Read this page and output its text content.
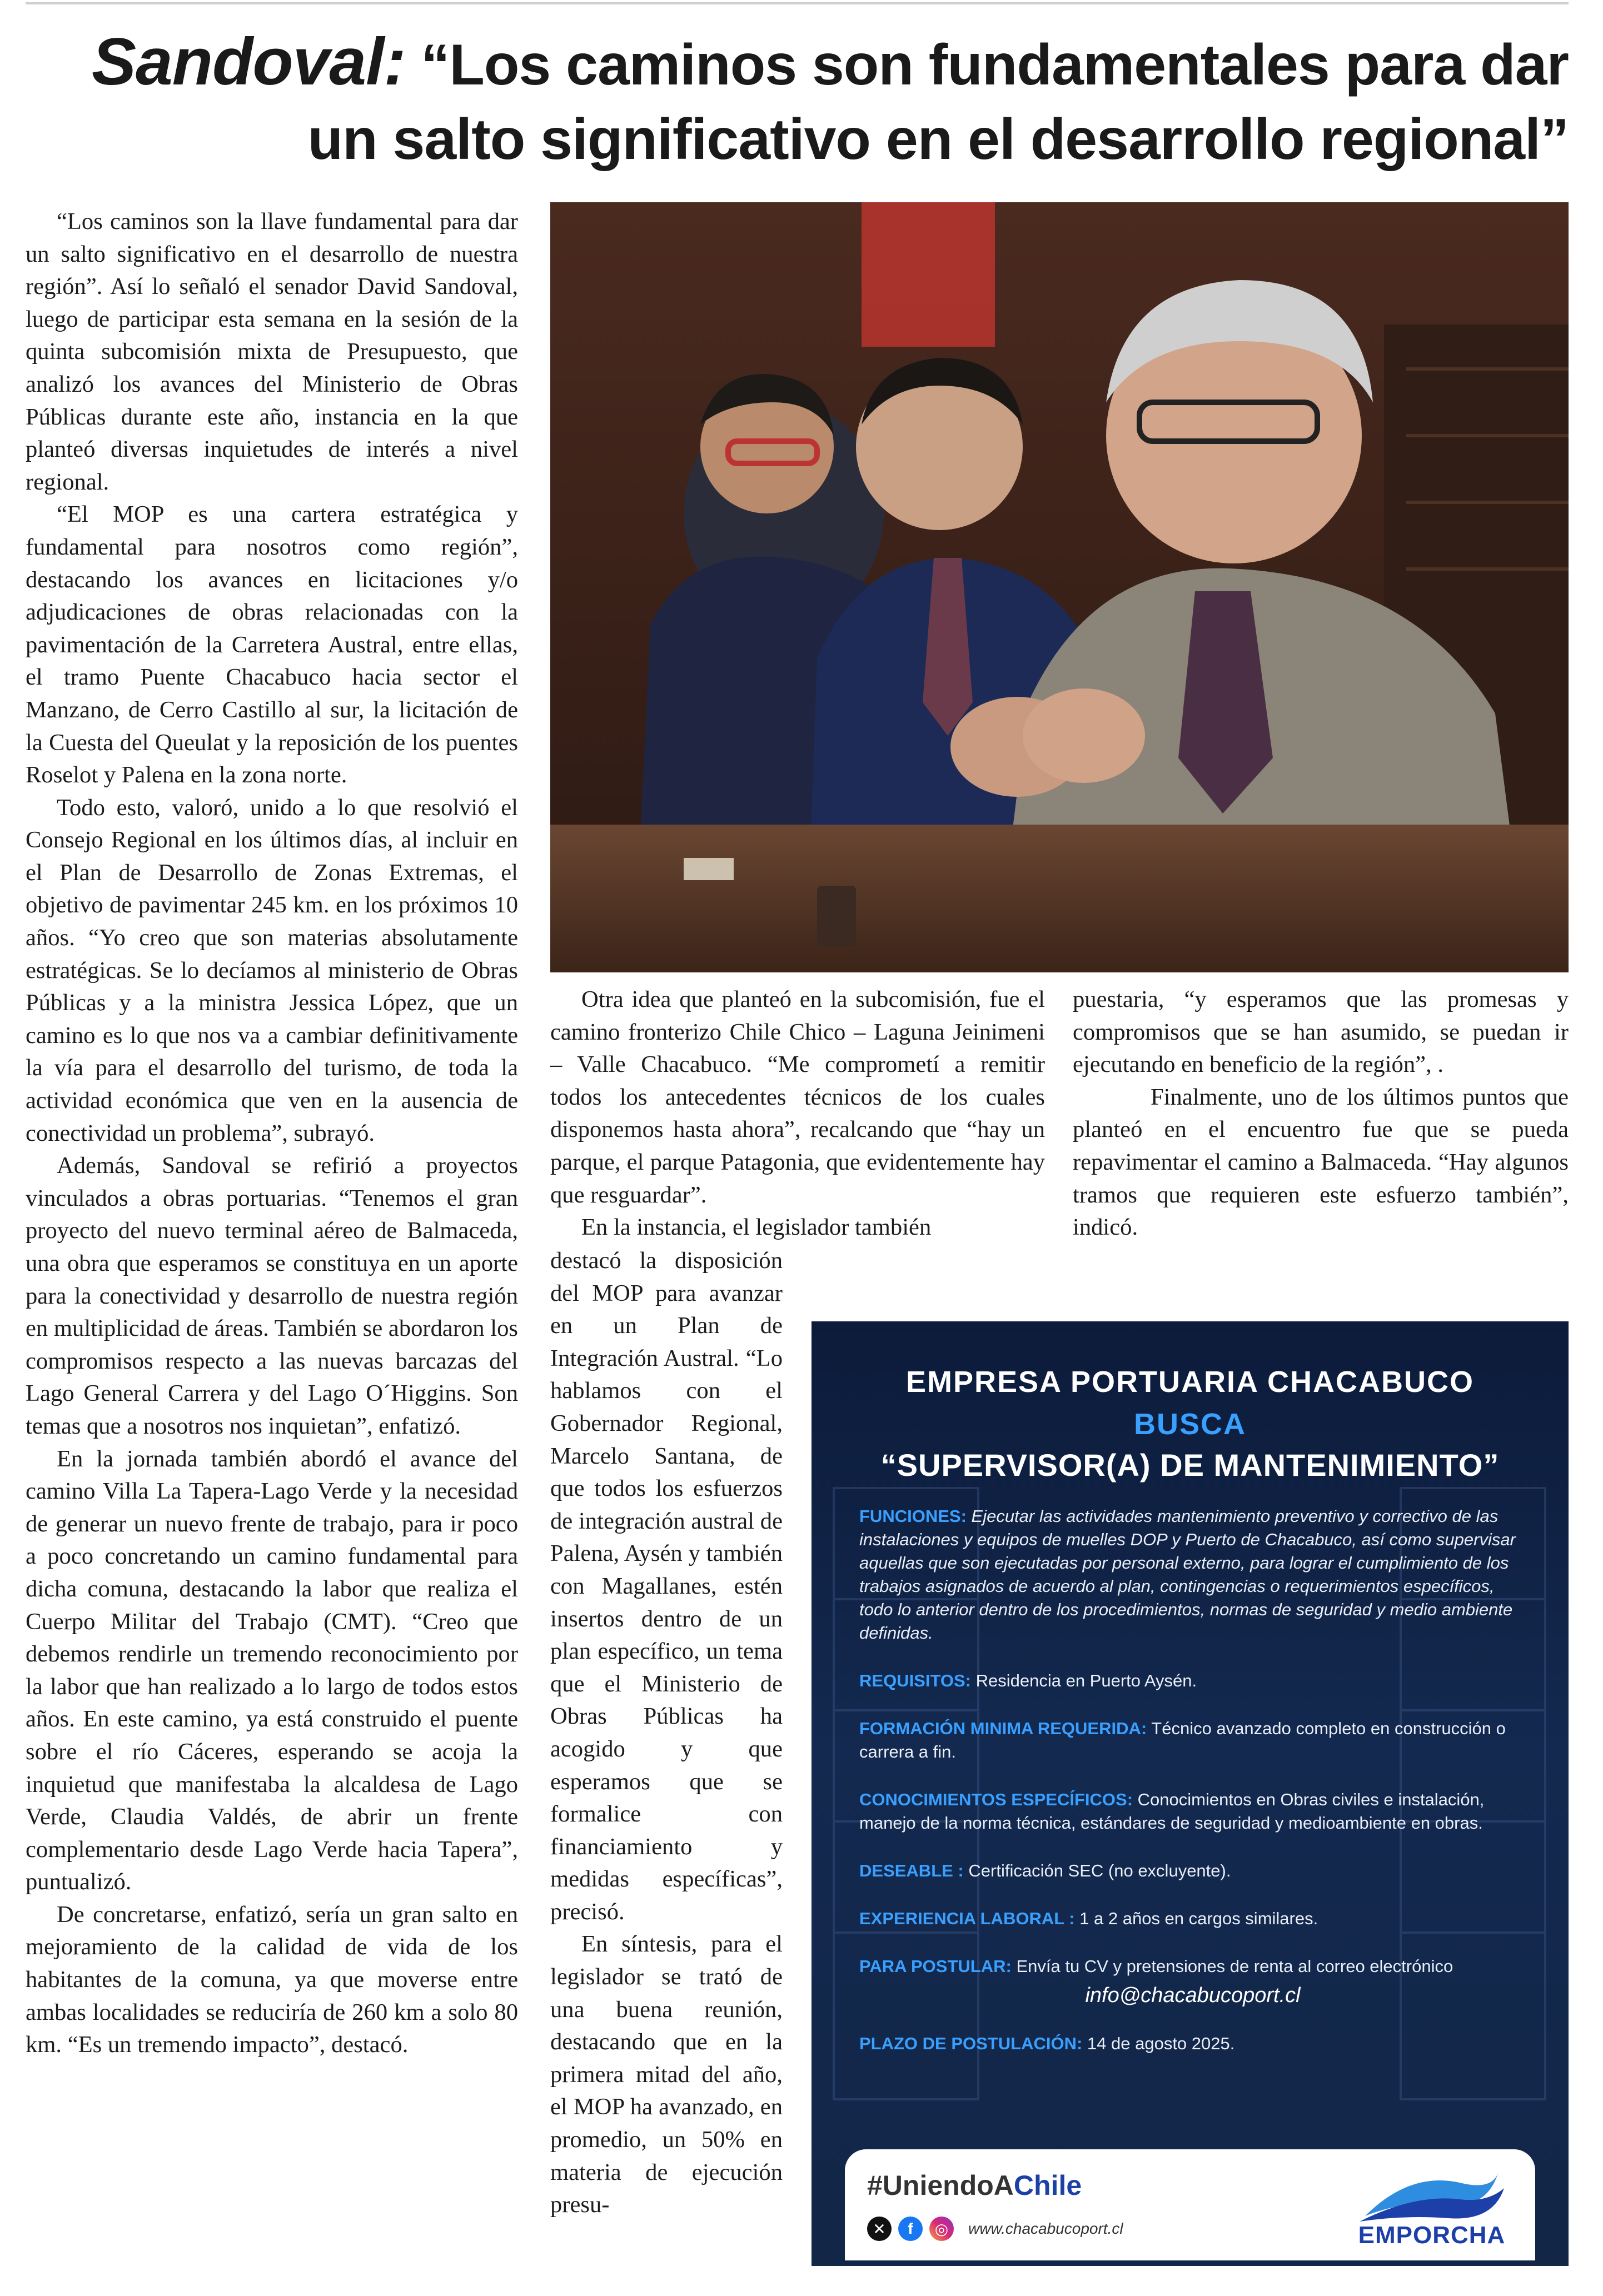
Sandoval: “Los caminos son fundamentales para dar un salto significativo en el desarrollo regional”

“Los caminos son la llave fundamental para dar un salto significativo en el desarrollo de nuestra región”. Así lo señaló el senador David Sandoval, luego de participar esta semana en la sesión de la quinta subcomisión mixta de Presupuesto, que analizó los avances del Ministerio de Obras Públicas durante este año, instancia en la que planteó diversas inquietudes de interés a nivel regional.

“El MOP es una cartera estratégica y fundamental para nosotros como región”, destacando los avances en licitaciones y/o adjudicaciones de obras relacionadas con la pavimentación de la Carretera Austral, entre ellas, el tramo Puente Chacabuco hacia sector el Manzano, de Cerro Castillo al sur, la licitación de la Cuesta del Queulat y la reposición de los puentes Roselot y Palena en la zona norte.

Todo esto, valoró, unido a lo que resolvió el Consejo Regional en los últimos días, al incluir en el Plan de Desarrollo de Zonas Extremas, el objetivo de pavimentar 245 km. en los próximos 10 años. “Yo creo que son materias absolutamente estratégicas. Se lo decíamos al ministerio de Obras Públicas y a la ministra Jessica López, que un camino es lo que nos va a cambiar definitivamente la vía para el desarrollo del turismo, de toda la actividad económica que ven en la ausencia de conectividad un problema”, subrayó.

Además, Sandoval se refirió a proyectos vinculados a obras portuarias. “Tenemos el gran proyecto del nuevo terminal aéreo de Balmaceda, una obra que esperamos se constituya en un aporte para la conectividad y desarrollo de nuestra región en multiplicidad de áreas. También se abordaron los compromisos respecto a las nuevas barcazas del Lago General Carrera y del Lago O´Higgins. Son temas que a nosotros nos inquietan”, enfatizó.

En la jornada también abordó el avance del camino Villa La Tapera-Lago Verde y la necesidad de generar un nuevo frente de trabajo, para ir poco a poco concretando un camino fundamental para dicha comuna, destacando la labor que realiza el Cuerpo Militar del Trabajo (CMT). “Creo que debemos rendirle un tremendo reconocimiento por la labor que han realizado a lo largo de todos estos años. En este camino, ya está construido el puente sobre el río Cáceres, esperando se acoja la inquietud que manifestaba la alcaldesa de Lago Verde, Claudia Valdés, de abrir un frente complementario desde Lago Verde hacia Tapera”, puntualizó.

De concretarse, enfatizó, sería un gran salto en mejoramiento de la calidad de vida de los habitantes de la comuna, ya que moverse entre ambas localidades se reduciría de 260 km a solo 80 km. “Es un tremendo impacto”, destacó.

Otra idea que planteó en la subcomisión, fue el camino fronterizo Chile Chico – Laguna Jeinimeni – Valle Chacabuco. “Me comprometí a remitir todos los antecedentes técnicos de los cuales disponemos hasta ahora”, recalcando que “hay un parque, el parque Patagonia, que evidentemente hay que resguardar”.

En la instancia, el legislador también

destacó la disposición del MOP para avanzar en un Plan de Integración Austral. “Lo hablamos con el Gobernador Regional, Marcelo Santana, de que todos los esfuerzos de integración austral de Palena, Aysén y también con Magallanes, estén insertos dentro de un plan específico, un tema que el Ministerio de Obras Públicas ha acogido y que esperamos que se formalice con financiamiento y medidas específicas”, precisó.

En síntesis, para el legislador se trató de una buena reunión, destacando que en la primera mitad del año, el MOP ha avanzado, en promedio, un 50% en materia de ejecución presu-

puestaria, “y esperamos que las promesas y compromisos que se han asumido, se puedan ir ejecutando en beneficio de la región”, .

Finalmente, uno de los últimos puntos que planteó en el encuentro fue que se pueda repavimentar el camino a Balmaceda. “Hay algunos tramos que requieren este esfuerzo también”, indicó.

EMPRESA PORTUARIA CHACABUCO
BUSCA
“SUPERVISOR(A) DE MANTENIMIENTO”
FUNCIONES: Ejecutar las actividades mantenimiento preventivo y correctivo de las instalaciones y equipos de muelles DOP y Puerto de Chacabuco, así como supervisar aquellas que son ejecutadas por personal externo, para lograr el cumplimiento de los trabajos asignados de acuerdo al plan, contingencias o requerimientos específicos, todo lo anterior dentro de los procedimientos, normas de seguridad y medio ambiente definidas.
REQUISITOS: Residencia en Puerto Aysén.
FORMACIÓN MINIMA REQUERIDA: Técnico avanzado completo en construcción o carrera a fin.
CONOCIMIENTOS ESPECÍFICOS: Conocimientos en Obras civiles e instalación, manejo de la norma técnica, estándares de seguridad y medioambiente en obras.
DESEABLE : Certificación SEC (no excluyente).
EXPERIENCIA LABORAL : 1 a 2 años en cargos similares.
PARA POSTULAR: Envía tu CV y pretensiones de renta al correo electrónico
info@chacabucoport.cl
PLAZO DE POSTULACIÓN: 14 de agosto 2025.
#UniendoAChile
✕	f	◎	www.chacabucoport.cl	EMPORCHA
